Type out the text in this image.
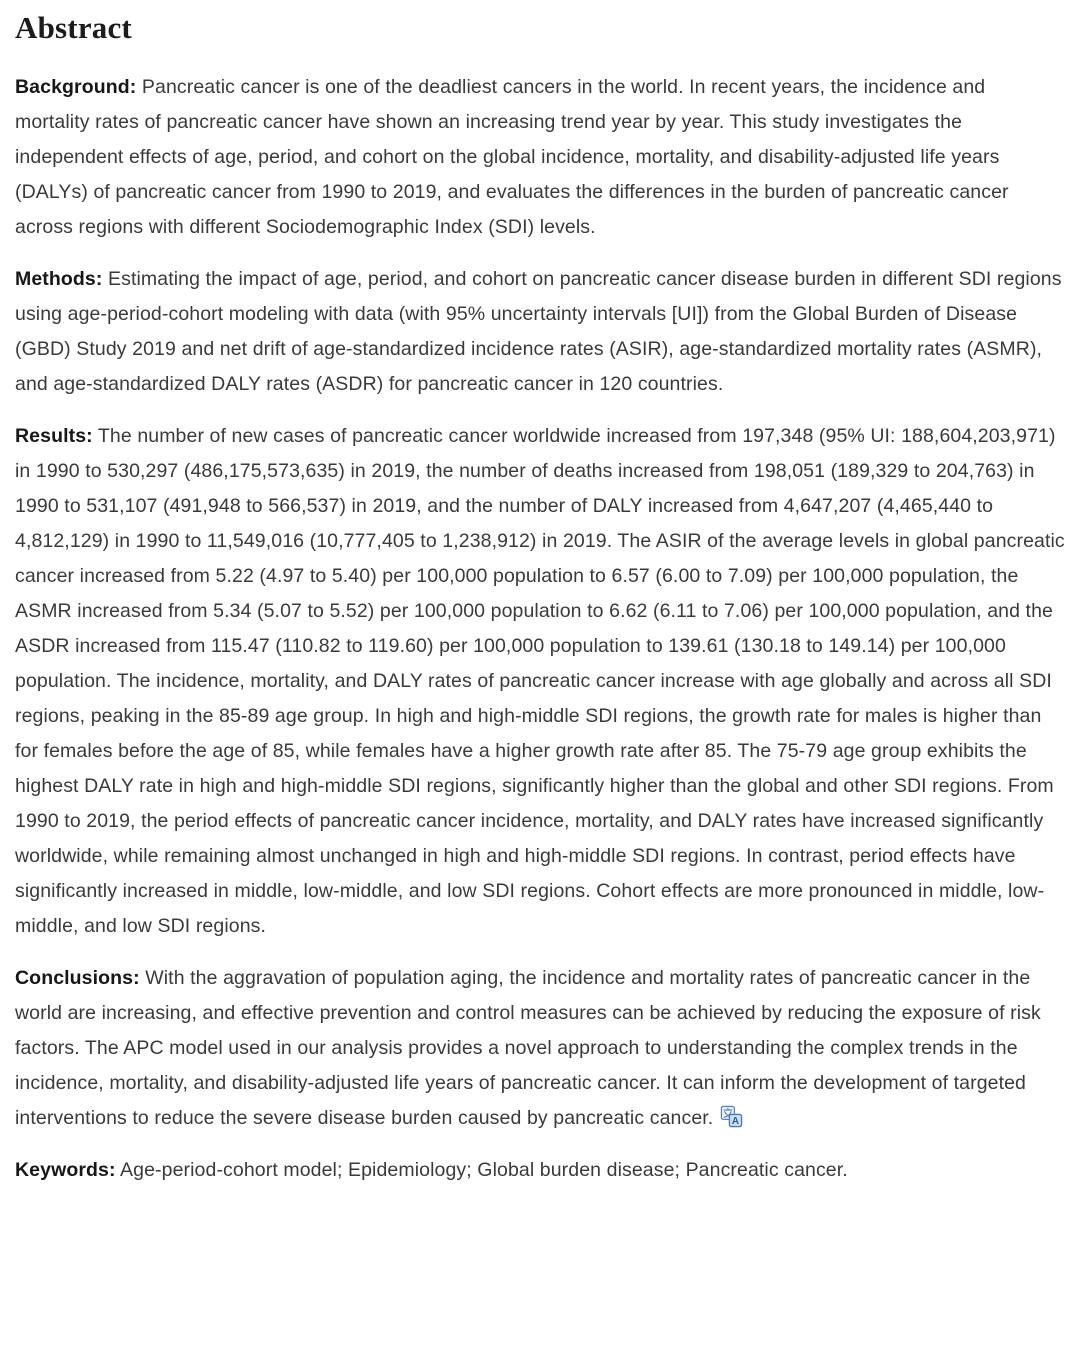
Abstract

Background: Pancreatic cancer is one of the deadliest cancers in the world. In recent years, the incidence and mortality rates of pancreatic cancer have shown an increasing trend year by year. This study investigates the independent effects of age, period, and cohort on the global incidence, mortality, and disability-adjusted life years (DALYs) of pancreatic cancer from 1990 to 2019, and evaluates the differences in the burden of pancreatic cancer across regions with different Sociodemographic Index (SDI) levels.

Methods: Estimating the impact of age, period, and cohort on pancreatic cancer disease burden in different SDI regions using age-period-cohort modeling with data (with 95% uncertainty intervals [UI]) from the Global Burden of Disease (GBD) Study 2019 and net drift of age-standardized incidence rates (ASIR), age-standardized mortality rates (ASMR), and age-standardized DALY rates (ASDR) for pancreatic cancer in 120 countries.

Results: The number of new cases of pancreatic cancer worldwide increased from 197,348 (95% UI: 188,604,203,971) in 1990 to 530,297 (486,175,573,635) in 2019, the number of deaths increased from 198,051 (189,329 to 204,763) in 1990 to 531,107 (491,948 to 566,537) in 2019, and the number of DALY increased from 4,647,207 (4,465,440 to 4,812,129) in 1990 to 11,549,016 (10,777,405 to 1,238,912) in 2019. The ASIR of the average levels in global pancreatic cancer increased from 5.22 (4.97 to 5.40) per 100,000 population to 6.57 (6.00 to 7.09) per 100,000 population, the ASMR increased from 5.34 (5.07 to 5.52) per 100,000 population to 6.62 (6.11 to 7.06) per 100,000 population, and the ASDR increased from 115.47 (110.82 to 119.60) per 100,000 population to 139.61 (130.18 to 149.14) per 100,000 population. The incidence, mortality, and DALY rates of pancreatic cancer increase with age globally and across all SDI regions, peaking in the 85-89 age group. In high and high-middle SDI regions, the growth rate for males is higher than for females before the age of 85, while females have a higher growth rate after 85. The 75-79 age group exhibits the highest DALY rate in high and high-middle SDI regions, significantly higher than the global and other SDI regions. From 1990 to 2019, the period effects of pancreatic cancer incidence, mortality, and DALY rates have increased significantly worldwide, while remaining almost unchanged in high and high-middle SDI regions. In contrast, period effects have significantly increased in middle, low-middle, and low SDI regions. Cohort effects are more pronounced in middle, low-middle, and low SDI regions.

Conclusions: With the aggravation of population aging, the incidence and mortality rates of pancreatic cancer in the world are increasing, and effective prevention and control measures can be achieved by reducing the exposure of risk factors. The APC model used in our analysis provides a novel approach to understanding the complex trends in the incidence, mortality, and disability-adjusted life years of pancreatic cancer. It can inform the development of targeted interventions to reduce the severe disease burden caused by pancreatic cancer. A

Keywords: Age-period-cohort model; Epidemiology; Global burden disease; Pancreatic cancer.
